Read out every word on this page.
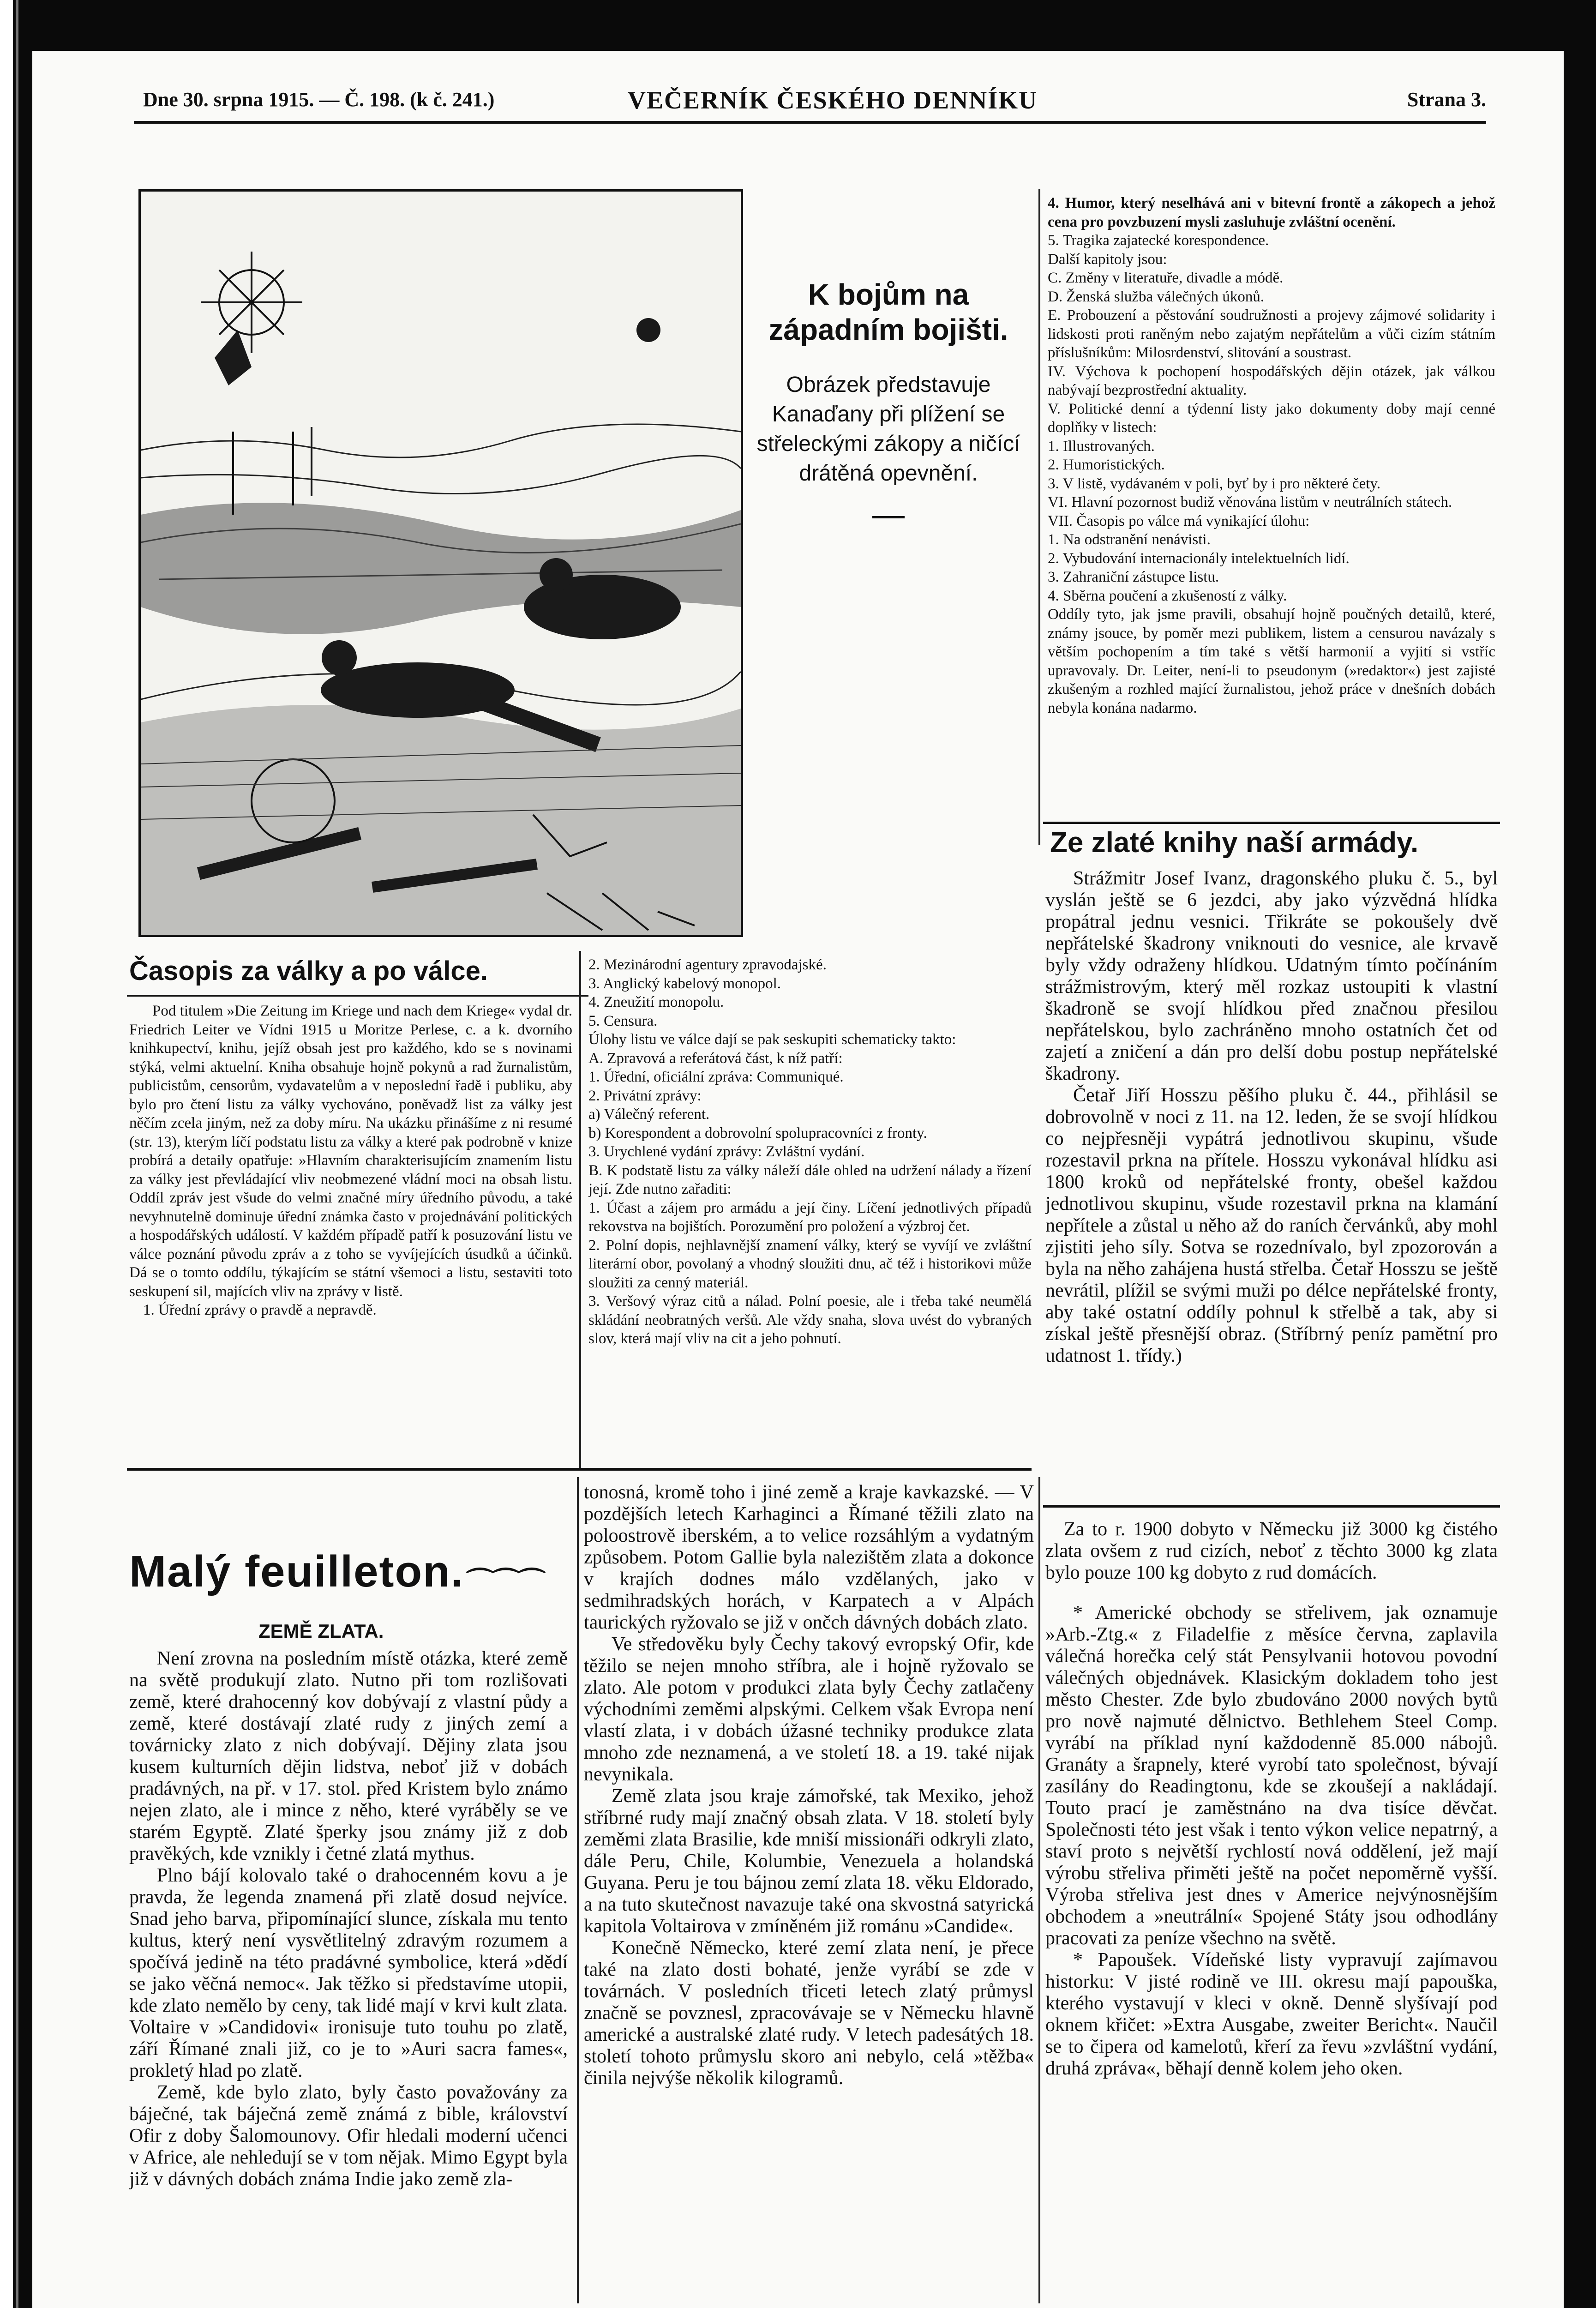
Dne 30. srpna 1915. — Č. 198. (k č. 241.)	VEČERNÍK ČESKÉHO DENNÍKU	Strana 3.
K bojům na západním bojišti.

Obrázek představuje Kanaďany při plížení se střeleckými zákopy a ničící drátěná opevnění.

4. Humor, který neselhává ani v bitevní frontě a zákopech a jehož cena pro povzbuzení mysli zasluhuje zvláštní ocenění.

5. Tragika zajatecké korespondence.

Další kapitoly jsou:

C. Změny v literatuře, divadle a módě.

D. Ženská služba válečných úkonů.

E. Probouzení a pěstování soudružnosti a projevy zájmové solidarity i lidskosti proti raněným nebo zajatým nepřátelům a vůči cizím státním příslušníkům: Milosrdenství, slitování a soustrast.

IV. Výchova k pochopení hospodářských dějin otázek, jak válkou nabývají bezprostřední aktuality.

V. Politické denní a týdenní listy jako dokumenty doby mají cenné doplňky v listech:

1. Illustrovaných.

2. Humoristických.

3. V listě, vydávaném v poli, byť by i pro některé čety.

VI. Hlavní pozornost budiž věnována listům v neutrálních státech.

VII. Časopis po válce má vynikající úlohu:

1. Na odstranění nenávisti.

2. Vybudování internacionály intelektuelních lidí.

3. Zahraniční zástupce listu.

4. Sběrna poučení a zkušeností z války.

Oddíly tyto, jak jsme pravili, obsahují hojně poučných detailů, které, známy jsouce, by poměr mezi publikem, listem a censurou navázaly s větším pochopením a tím také s větší harmonií a vyjití si vstříc upravovaly. Dr. Leiter, není-li to pseudonym (»redaktor«) jest zajisté zkušeným a rozhled mající žurnalistou, jehož práce v dnešních dobách nebyla konána nadarmo.

Ze zlaté knihy naší armády.

Strážmitr Josef Ivanz, dragonského pluku č. 5., byl vyslán ještě se 6 jezdci, aby jako výzvědná hlídka propátral jednu vesnici. Třikráte se pokoušely dvě nepřátelské škadrony vniknouti do vesnice, ale krvavě byly vždy odraženy hlídkou. Udatným tímto počínáním strážmistrovým, který měl rozkaz ustoupiti k vlastní škadroně se svojí hlídkou před značnou přesilou nepřátelskou, bylo zachráněno mnoho ostatních čet od zajetí a zničení a dán pro delší dobu postup nepřátelské škadrony.

Četař Jiří Hosszu pěšího pluku č. 44., přihlásil se dobrovolně v noci z 11. na 12. leden, že se svojí hlídkou co nejpřesněji vypátrá jednotlivou skupinu, všude rozestavil prkna na přítele. Hosszu vykonával hlídku asi 1800 kroků od nepřátelské fronty, obešel každou jednotlivou skupinu, všude rozestavil prkna na klamání nepřítele a zůstal u něho až do raních červánků, aby mohl zjistiti jeho síly. Sotva se rozednívalo, byl zpozorován a byla na něho zahájena hustá střelba. Četař Hosszu se ještě nevrátil, plížil se svými muži po délce nepřátelské fronty, aby také ostatní oddíly pohnul k střelbě a tak, aby si získal ještě přesnější obraz. (Stříbrný peníz pamětní pro udatnost 1. třídy.)

Časopis za války a po válce.

Pod titulem »Die Zeitung im Kriege und nach dem Kriege« vydal dr. Friedrich Leiter ve Vídni 1915 u Moritze Perlese, c. a k. dvorního knihkupectví, knihu, jejíž obsah jest pro každého, kdo se s novinami stýká, velmi aktuelní. Kniha obsahuje hojně pokynů a rad žurnalistům, publicistům, censorům, vydavatelům a v neposlední řadě i publiku, aby bylo pro čtení listu za války vychováno, poněvadž list za války jest něčím zcela jiným, než za doby míru. Na ukázku přinášíme z ni resumé (str. 13), kterým líčí podstatu listu za války a které pak podrobně v knize probírá a detaily opatřuje: »Hlavním charakterisujícím znamením listu za války jest převládající vliv neobmezené vládní moci na obsah listu. Oddíl zpráv jest všude do velmi značné míry úředního původu, a také nevyhnutelně dominuje úřední známka často v projednávání politických a hospodářských událostí. V každém případě patří k posuzování listu ve válce poznání původu zpráv a z toho se vyvíjejících úsudků a účinků. Dá se o tomto oddílu, týkajícím se státní všemoci a listu, sestaviti toto seskupení sil, majících vliv na zprávy v listě.

1. Úřední zprávy o pravdě a nepravdě.

2. Mezinárodní agentury zpravodajské.

3. Anglický kabelový monopol.

4. Zneužití monopolu.

5. Censura.

Úlohy listu ve válce dají se pak seskupiti schematicky takto:

A. Zpravová a referátová část, k níž patří:

1. Úřední, oficiální zpráva: Communiqué.

2. Privátní zprávy:

a) Válečný referent.

b) Korespondent a dobrovolní spolupracovníci z fronty.

3. Urychlené vydání zprávy: Zvláštní vydání.

B. K podstatě listu za války náleží dále ohled na udržení nálady a řízení její. Zde nutno zařaditi:

1. Účast a zájem pro armádu a její činy. Líčení jednotlivých případů rekovstva na bojištích. Porozumění pro položení a výzbroj čet.

2. Polní dopis, nejhlavnější znamení války, který se vyvíjí ve zvláštní literární obor, povolaný a vhodný sloužiti dnu, ač též i historikovi může sloužiti za cenný materiál.

3. Veršový výraz citů a nálad. Polní poesie, ale i třeba také neumělá skládání neobratných veršů. Ale vždy snaha, slova uvést do vybraných slov, která mají vliv na cit a jeho pohnutí.

Malý feuilleton. ⌒⌒⌒
ZEMĚ ZLATA.

Není zrovna na posledním místě otázka, které země na světě produkují zlato. Nutno při tom rozlišovati země, které drahocenný kov dobývají z vlastní půdy a země, které dostávají zlaté rudy z jiných zemí a továrnicky zlato z nich dobývají. Dějiny zlata jsou kusem kulturních dějin lidstva, neboť již v dobách pradávných, na př. v 17. stol. před Kristem bylo známo nejen zlato, ale i mince z něho, které vyráběly se ve starém Egyptě. Zlaté šperky jsou známy již z dob pravěkých, kde vznikly i četné zlatá mythus.

Plno bájí kolovalo také o drahocenném kovu a je pravda, že legenda znamená při zlatě dosud nejvíce. Snad jeho barva, připomínající slunce, získala mu tento kultus, který není vysvětlitelný zdravým rozumem a spočívá jedině na této pradávné symbolice, která »dědí se jako věčná nemoc«. Jak těžko si představíme utopii, kde zlato nemělo by ceny, tak lidé mají v krvi kult zlata. Voltaire v »Candidovi« ironisuje tuto touhu po zlatě, září Římané znali již, co je to »Auri sacra fames«, prokletý hlad po zlatě.

Země, kde bylo zlato, byly často považovány za báječné, tak báječná země známá z bible, království Ofir z doby Šalomounovy. Ofir hledali moderní učenci v Africe, ale nehledují se v tom nějak. Mimo Egypt byla již v dávných dobách známa Indie jako země zla-

tonosná, kromě toho i jiné země a kraje kavkazské. — V pozdějších letech Karhaginci a Římané těžili zlato na poloostrově iberském, a to velice rozsáhlým a vydatným způsobem. Potom Gallie byla nalezištěm zlata a dokonce v krajích dodnes málo vzdělaných, jako v sedmihradských horách, v Karpatech a v Alpách taurických ryžovalo se již v ončch dávných dobách zlato.

Ve středověku byly Čechy takový evropský Ofir, kde těžilo se nejen mnoho stříbra, ale i hojně ryžovalo se zlato. Ale potom v produkci zlata byly Čechy zatlačeny východními zeměmi alpskými. Celkem však Evropa není vlastí zlata, i v dobách úžasné techniky produkce zlata mnoho zde neznamená, a ve století 18. a 19. také nijak nevynikala.

Země zlata jsou kraje zámořské, tak Mexiko, jehož stříbrné rudy mají značný obsah zlata. V 18. století byly zeměmi zlata Brasilie, kde mniší missionáři odkryli zlato, dále Peru, Chile, Kolumbie, Venezuela a holandská Guyana. Peru je tou bájnou zemí zlata 18. věku Eldorado, a na tuto skutečnost navazuje také ona skvostná satyrická kapitola Voltairova v zmíněném již románu »Candide«.

Konečně Německo, které zemí zlata není, je přece také na zlato dosti bohaté, jenže vyrábí se zde v továrnách. V posledních třiceti letech zlatý průmysl značně se povznesl, zpracovávaje se v Německu hlavně americké a australské zlaté rudy. V letech padesátých 18. století tohoto průmyslu skoro ani nebylo, celá »těžba« činila nejvýše několik kilogramů.

Za to r. 1900 dobyto v Německu již 3000 kg čistého zlata ovšem z rud cizích, neboť z těchto 3000 kg zlata bylo pouze 100 kg dobyto z rud domácích.

* Americké obchody se střelivem, jak oznamuje »Arb.-Ztg.« z Filadelfie z měsíce června, zaplavila válečná horečka celý stát Pensylvanii hotovou povodní válečných objednávek. Klasickým dokladem toho jest město Chester. Zde bylo zbudováno 2000 nových bytů pro nově najmuté dělnictvo. Bethlehem Steel Comp. vyrábí na příklad nyní každodenně 85.000 nábojů. Granáty a šrapnely, které vyrobí tato společnost, bývají zasílány do Readingtonu, kde se zkoušejí a nakládají. Touto prací je zaměstnáno na dva tisíce děvčat. Společnosti této jest však i tento výkon velice nepatrný, a staví proto s největší rychlostí nová oddělení, jež mají výrobu střeliva přiměti ještě na počet nepoměrně vyšší. Výroba střeliva jest dnes v Americe nejvýnosnějším obchodem a »neutrální« Spojené Státy jsou odhodlány pracovati za peníze všechno na světě.

* Papoušek. Vídeňské listy vypravují zajímavou historku: V jisté rodině ve III. okresu mají papouška, kterého vystavují v kleci v okně. Denně slyšívají pod oknem křičet: »Extra Ausgabe, zweiter Bericht«. Naučil se to čipera od kamelotů, křerí za řevu »zvláštní vydání, druhá zpráva«, běhají denně kolem jeho oken.
